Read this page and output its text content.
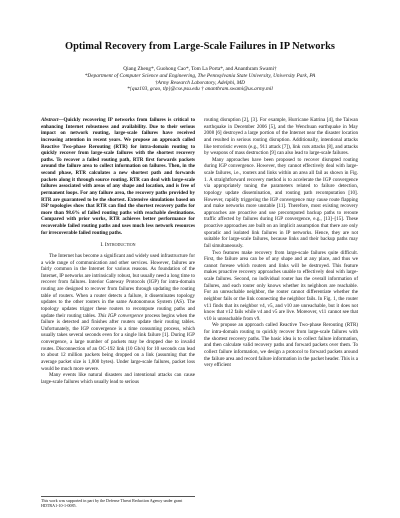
Optimal Recovery from Large-Scale Failures in IP Networks
Qiang Zheng*, Guohong Cao*, Tom La Porta*, and Ananthram Swami†
*Department of Computer Science and Engineering, The Pennsylvania State University, University Park, PA
†Army Research Laboratory, Adelphi, MD
*{quz103, gcao, tlp}@cse.psu.edu † ananthram.swami@us.army.mil

Abstract—Quickly recovering IP networks from failures is critical to enhancing Internet robustness and availability. Due to their serious impact on network routing, large-scale failures have received increasing attention in recent years. We propose an approach called Reactive Two-phase Rerouting (RTR) for intra-domain routing to quickly recover from large-scale failures with the shortest recovery paths. To recover a failed routing path, RTR first forwards packets around the failure area to collect information on failures. Then, in the second phase, RTR calculates a new shortest path and forwards packets along it through source routing. RTR can deal with large-scale failures associated with areas of any shape and location, and is free of permanent loops. For any failure area, the recovery paths provided by RTR are guaranteed to be the shortest. Extensive simulations based on ISP topologies show that RTR can find the shortest recovery paths for more than 98.6% of failed routing paths with reachable destinations. Compared with prior works, RTR achieves better performance for recoverable failed routing paths and uses much less network resources for irrecoverable failed routing paths.

I. Introduction

The Internet has become a significant and widely used infrastructure for a wide range of communication and other services. However, failures are fairly common in the Internet for various reasons. As foundation of the Internet, IP networks are intrinsically robust, but usually need a long time to recover from failures. Interior Gateway Protocols (IGP) for intra-domain routing are designed to recover from failures through updating the routing table of routers. When a router detects a failure, it disseminates topology updates to the other routers in the same Autonomous System (AS). The topology updates trigger these routers to recompute routing paths and update their routing tables. This IGP convergence process begins when the failure is detected and finishes after routers update their routing tables. Unfortunately, the IGP convergence is a time consuming process, which usually takes several seconds even for a single link failure [1]. During IGP convergence, a large number of packets may be dropped due to invalid routes. Disconnection of an OC-192 link (10 Gb/s) for 10 seconds can lead to about 12 million packets being dropped on a link (assuming that the average packet size is 1,000 bytes). Under large-scale failures, packet loss would be much more severe.

Many events like natural disasters and intentional attacks can cause large-scale failures which usually lead to serious

routing disruption [2], [3]. For example, Hurricane Katrina [4], the Taiwan earthquake in December 2006 [5], and the Wenchuan earthquake in May 2008 [6] destroyed a large portion of the Internet near the disaster location and resulted in serious routing disruption. Additionally, intentional attacks like terroristic events (e.g., 911 attack [7]), link cuts attacks [8], and attacks by weapons of mass destruction [9] can also lead to large-scale failures.

Many approaches have been proposed to recover disrupted routing during IGP convergence. However, they cannot effectively deal with large-scale failures, i.e., routers and links within an area all fail as shown in Fig. 1. A straightforward recovery method is to accelerate the IGP convergence via appropriately tuning the parameters related to failure detection, topology update dissemination, and routing path recomputation [10]. However, rapidly triggering the IGP convergence may cause route flapping and make networks more unstable [11]. Therefore, most existing recovery approaches are proactive and use precomputed backup paths to reroute traffic affected by failures during IGP convergence, e.g., [13]–[15]. These proactive approaches are built on an implicit assumption that there are only sporadic and isolated link failures in IP networks. Hence, they are not suitable for large-scale failures, because links and their backup paths may fail simultaneously.

Two features make recovery from large-scale failures quite difficult. First, the failure area can be of any shape and at any place, and thus we cannot foresee which routers and links will be destroyed. This feature makes proactive recovery approaches unable to effectively deal with large-scale failures. Second, no individual router has the overall information of failures, and each router only knows whether its neighbors are reachable. For an unreachable neighbor, the router cannot differentiate whether the neighbor fails or the link connecting the neighbor fails. In Fig. 1, the router v11 finds that its neighbor v4, v5, and v10 are unreachable, but it does not know that v12 fails while v4 and v5 are live. Moreover, v11 cannot see that v10 is unreachable from v9.

We propose an approach called Reactive Two-phase Rerouting (RTR) for intra-domain routing to quickly recover from large-scale failures with the shortest recovery paths. The basic idea is to collect failure information, and then calculate valid recovery paths and forward packets over them. To collect failure information, we design a protocol to forward packets around the failure area and record failure information in the packet header. This is a very efficient

This work was supported in part by the Defense Threat Reduction Agency under grant HDTRA1-10-1-0085.
